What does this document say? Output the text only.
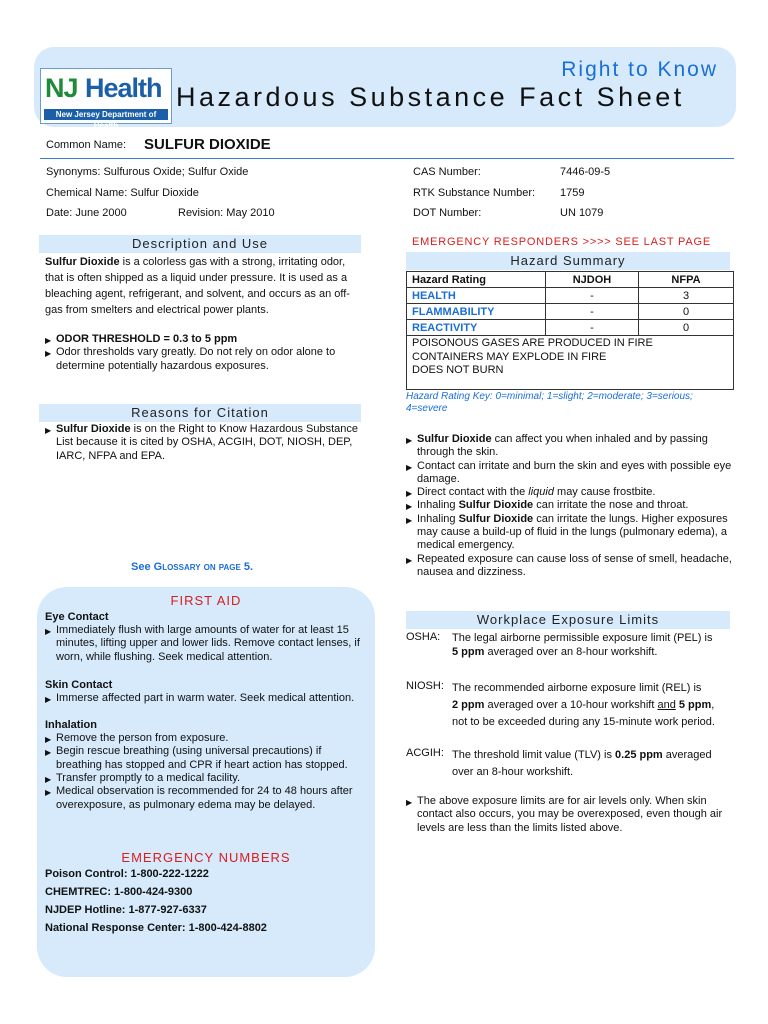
NJ Health
New Jersey Department of Health
Right to Know
Hazardous Substance Fact Sheet
Common Name: SULFUR DIOXIDE
Synonyms: Sulfurous Oxide; Sulfur Oxide
Chemical Name: Sulfur Dioxide
Date: June 2000	Revision: May 2010
CAS Number:	7446-09-5
RTK Substance Number: 1759
DOT Number:	UN 1079
Description and Use
Sulfur Dioxide is a colorless gas with a strong, irritating odor, that is often shipped as a liquid under pressure. It is used as a bleaching agent, refrigerant, and solvent, and occurs as an off-gas from smelters and electrical power plants.
▶ ODOR THRESHOLD = 0.3 to 5 ppm
▶ Odor thresholds vary greatly. Do not rely on odor alone to determine potentially hazardous exposures.
Reasons for Citation
▶ Sulfur Dioxide is on the Right to Know Hazardous Substance List because it is cited by OSHA, ACGIH, DOT, NIOSH, DEP, IARC, NFPA and EPA.
See Glossary on page 5.
FIRST AID
Eye Contact
▶ Immediately flush with large amounts of water for at least 15 minutes, lifting upper and lower lids. Remove contact lenses, if worn, while flushing. Seek medical attention.
Skin Contact
▶ Immerse affected part in warm water. Seek medical attention.
Inhalation
▶ Remove the person from exposure.
▶ Begin rescue breathing (using universal precautions) if breathing has stopped and CPR if heart action has stopped.
▶ Transfer promptly to a medical facility.
▶ Medical observation is recommended for 24 to 48 hours after overexposure, as pulmonary edema may be delayed.
EMERGENCY NUMBERS
Poison Control: 1-800-222-1222
CHEMTREC: 1-800-424-9300
NJDEP Hotline: 1-877-927-6337
National Response Center: 1-800-424-8802
EMERGENCY RESPONDERS >>>> SEE LAST PAGE
Hazard Summary
Hazard Rating	NJDOH	NFPA
HEALTH	-	3
FLAMMABILITY	-	0
REACTIVITY	-	0

POISONOUS GASES ARE PRODUCED IN FIRE
CONTAINERS MAY EXPLODE IN FIRE
DOES NOT BURN		
Hazard Rating Key: 0=minimal; 1=slight; 2=moderate; 3=serious; 4=severe
▶ Sulfur Dioxide can affect you when inhaled and by passing through the skin.
▶ Contact can irritate and burn the skin and eyes with possible eye damage.
▶ Direct contact with the liquid may cause frostbite.
▶ Inhaling Sulfur Dioxide can irritate the nose and throat.
▶ Inhaling Sulfur Dioxide can irritate the lungs. Higher exposures may cause a build-up of fluid in the lungs (pulmonary edema), a medical emergency.
▶ Repeated exposure can cause loss of sense of smell, headache, nausea and dizziness.
Workplace Exposure Limits
OSHA: The legal airborne permissible exposure limit (PEL) is
5 ppm averaged over an 8-hour workshift.
NIOSH: The recommended airborne exposure limit (REL) is
2 ppm averaged over a 10-hour workshift and 5 ppm,
not to be exceeded during any 15-minute work period.
ACGIH: The threshold limit value (TLV) is 0.25 ppm averaged
over an 8-hour workshift.
▶ The above exposure limits are for air levels only. When skin contact also occurs, you may be overexposed, even though air levels are less than the limits listed above.
